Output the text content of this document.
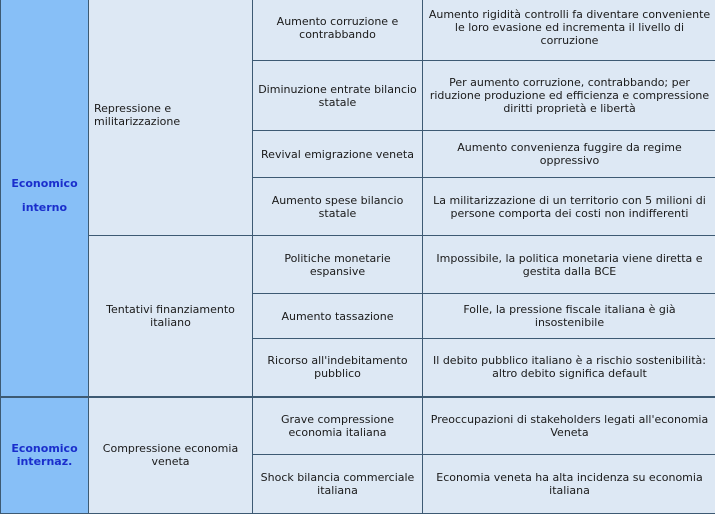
Economico
interno	Repressione e militarizzazione	Aumento corruzione e contrabbando	Aumento rigidità controlli fa diventare conveniente le loro evasione ed incrementa il livello di corruzione
		Diminuzione entrate bilancio statale	Per aumento corruzione, contrabbando; per riduzione produzione ed efficienza e compressione diritti proprietà e libertà
		Revival emigrazione veneta	Aumento convenienza fuggire da regime oppressivo
		Aumento spese bilancio statale	La militarizzazione di un territorio con 5 milioni di persone comporta dei costi non indifferenti
	Tentativi finanziamento italiano	Politiche monetarie espansive	Impossibile, la politica monetaria viene diretta e gestita dalla BCE
		Aumento tassazione	Folle, la pressione fiscale italiana è già insostenibile
		Ricorso all'indebitamento pubblico	Il debito pubblico italiano è a rischio sostenibilità: altro debito significa default

Economico
internaz.	Compressione economia veneta	Grave compressione economia italiana	Preoccupazioni di stakeholders legati all'economia Veneta
		Shock bilancia commerciale italiana	Economia veneta ha alta incidenza su economia italiana
